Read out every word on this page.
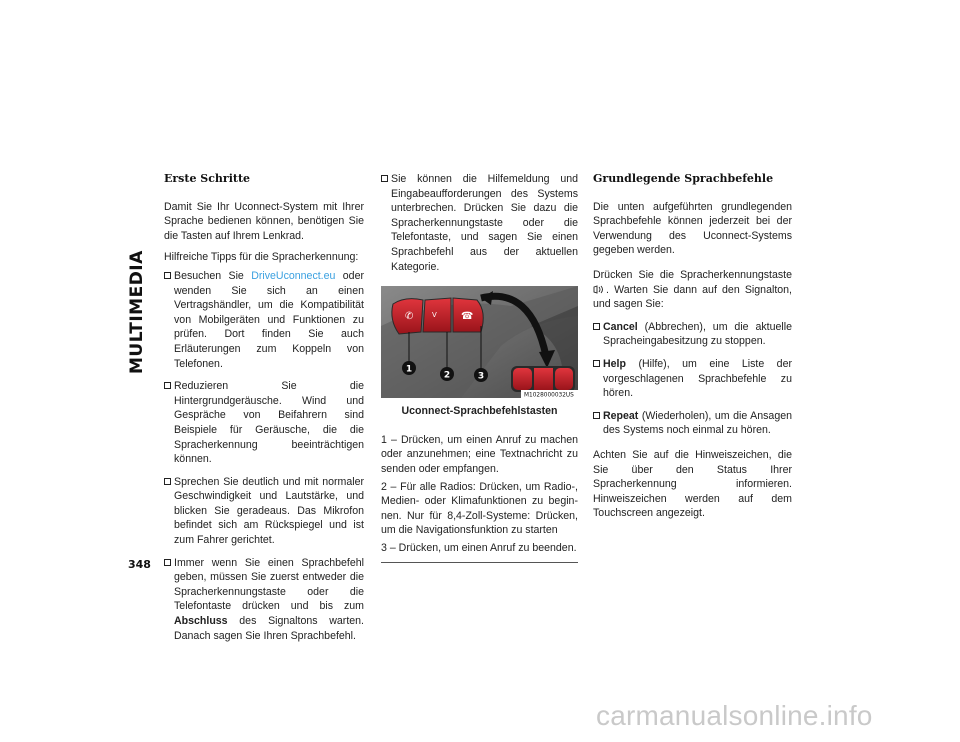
MULTIMEDIA
348
Erste Schritte

Damit Sie Ihr Uconnect-System mit Ihrer Sprache bedienen können, benötigen Sie die Tasten auf Ihrem Lenkrad.

Hilfreiche Tipps für die Spracherkennung:

Besuchen Sie DriveUconnect.eu oder wenden Sie sich an einen Vertragshändler, um die Kompatibilität von Mobilgeräten und Funktionen zu prüfen. Dort finden Sie auch Erläuterungen zum Koppeln von Telefonen.
Reduzieren Sie die Hintergrundgeräusche. Wind und Gespräche von Beifahrern sind Beispiele für Geräusche, die die Spracherkennung beeinträchtigen können.
Sprechen Sie deutlich und mit normaler Geschwindigkeit und Lautstärke, und blicken Sie geradeaus. Das Mikrofon befindet sich am Rückspiegel und ist zum Fahrer gerichtet.
Immer wenn Sie einen Sprachbefehl geben, müssen Sie zuerst entweder die Spracherkennungstaste oder die Telefontaste drücken und bis zum Abschluss des Signaltons warten. Danach sagen Sie Ihren Sprachbefehl.
Sie können die Hilfemeldung und Eingabeaufforderungen des Systems unterbrechen. Drücken Sie dazu die Spracherkennungstaste oder die Telefontaste, und sagen Sie einen Sprachbefehl aus der aktuellen Kategorie.
✆	V ☎
1
2	3
M1028000032US
Uconnect-Sprachbefehlstasten

1 – Drücken, um einen Anruf zu machen oder anzunehmen; eine Textnachricht zu senden oder empfangen.

2 – Für alle Radios: Drücken, um Radio-, Medien- oder Klimafunktionen zu beginnen. Nur für 8,4-Zoll-Systeme: Drücken, um die Navigationsfunktion zu starten

3 – Drücken, um einen Anruf zu beenden.

Grundlegende Sprachbefehle

Die unten aufgeführten grundlegenden Sprachbefehle können jederzeit bei der Verwendung des Uconnect-Systems gegeben werden.

Drücken Sie die Spracherkennungstaste . Warten Sie dann auf den Signalton, und sagen Sie:

Cancel (Abbrechen), um die aktuelle Spracheingabesitzung zu stoppen.
Help (Hilfe), um eine Liste der vorgeschlagenen Sprachbefehle zu hören.
Repeat (Wiederholen), um die Ansagen des Systems noch einmal zu hören.

Achten Sie auf die Hinweiszeichen, die Sie über den Status Ihrer Spracherkennung informieren. Hinweiszeichen werden auf dem Touchscreen angezeigt.

carmanualsonline.info
